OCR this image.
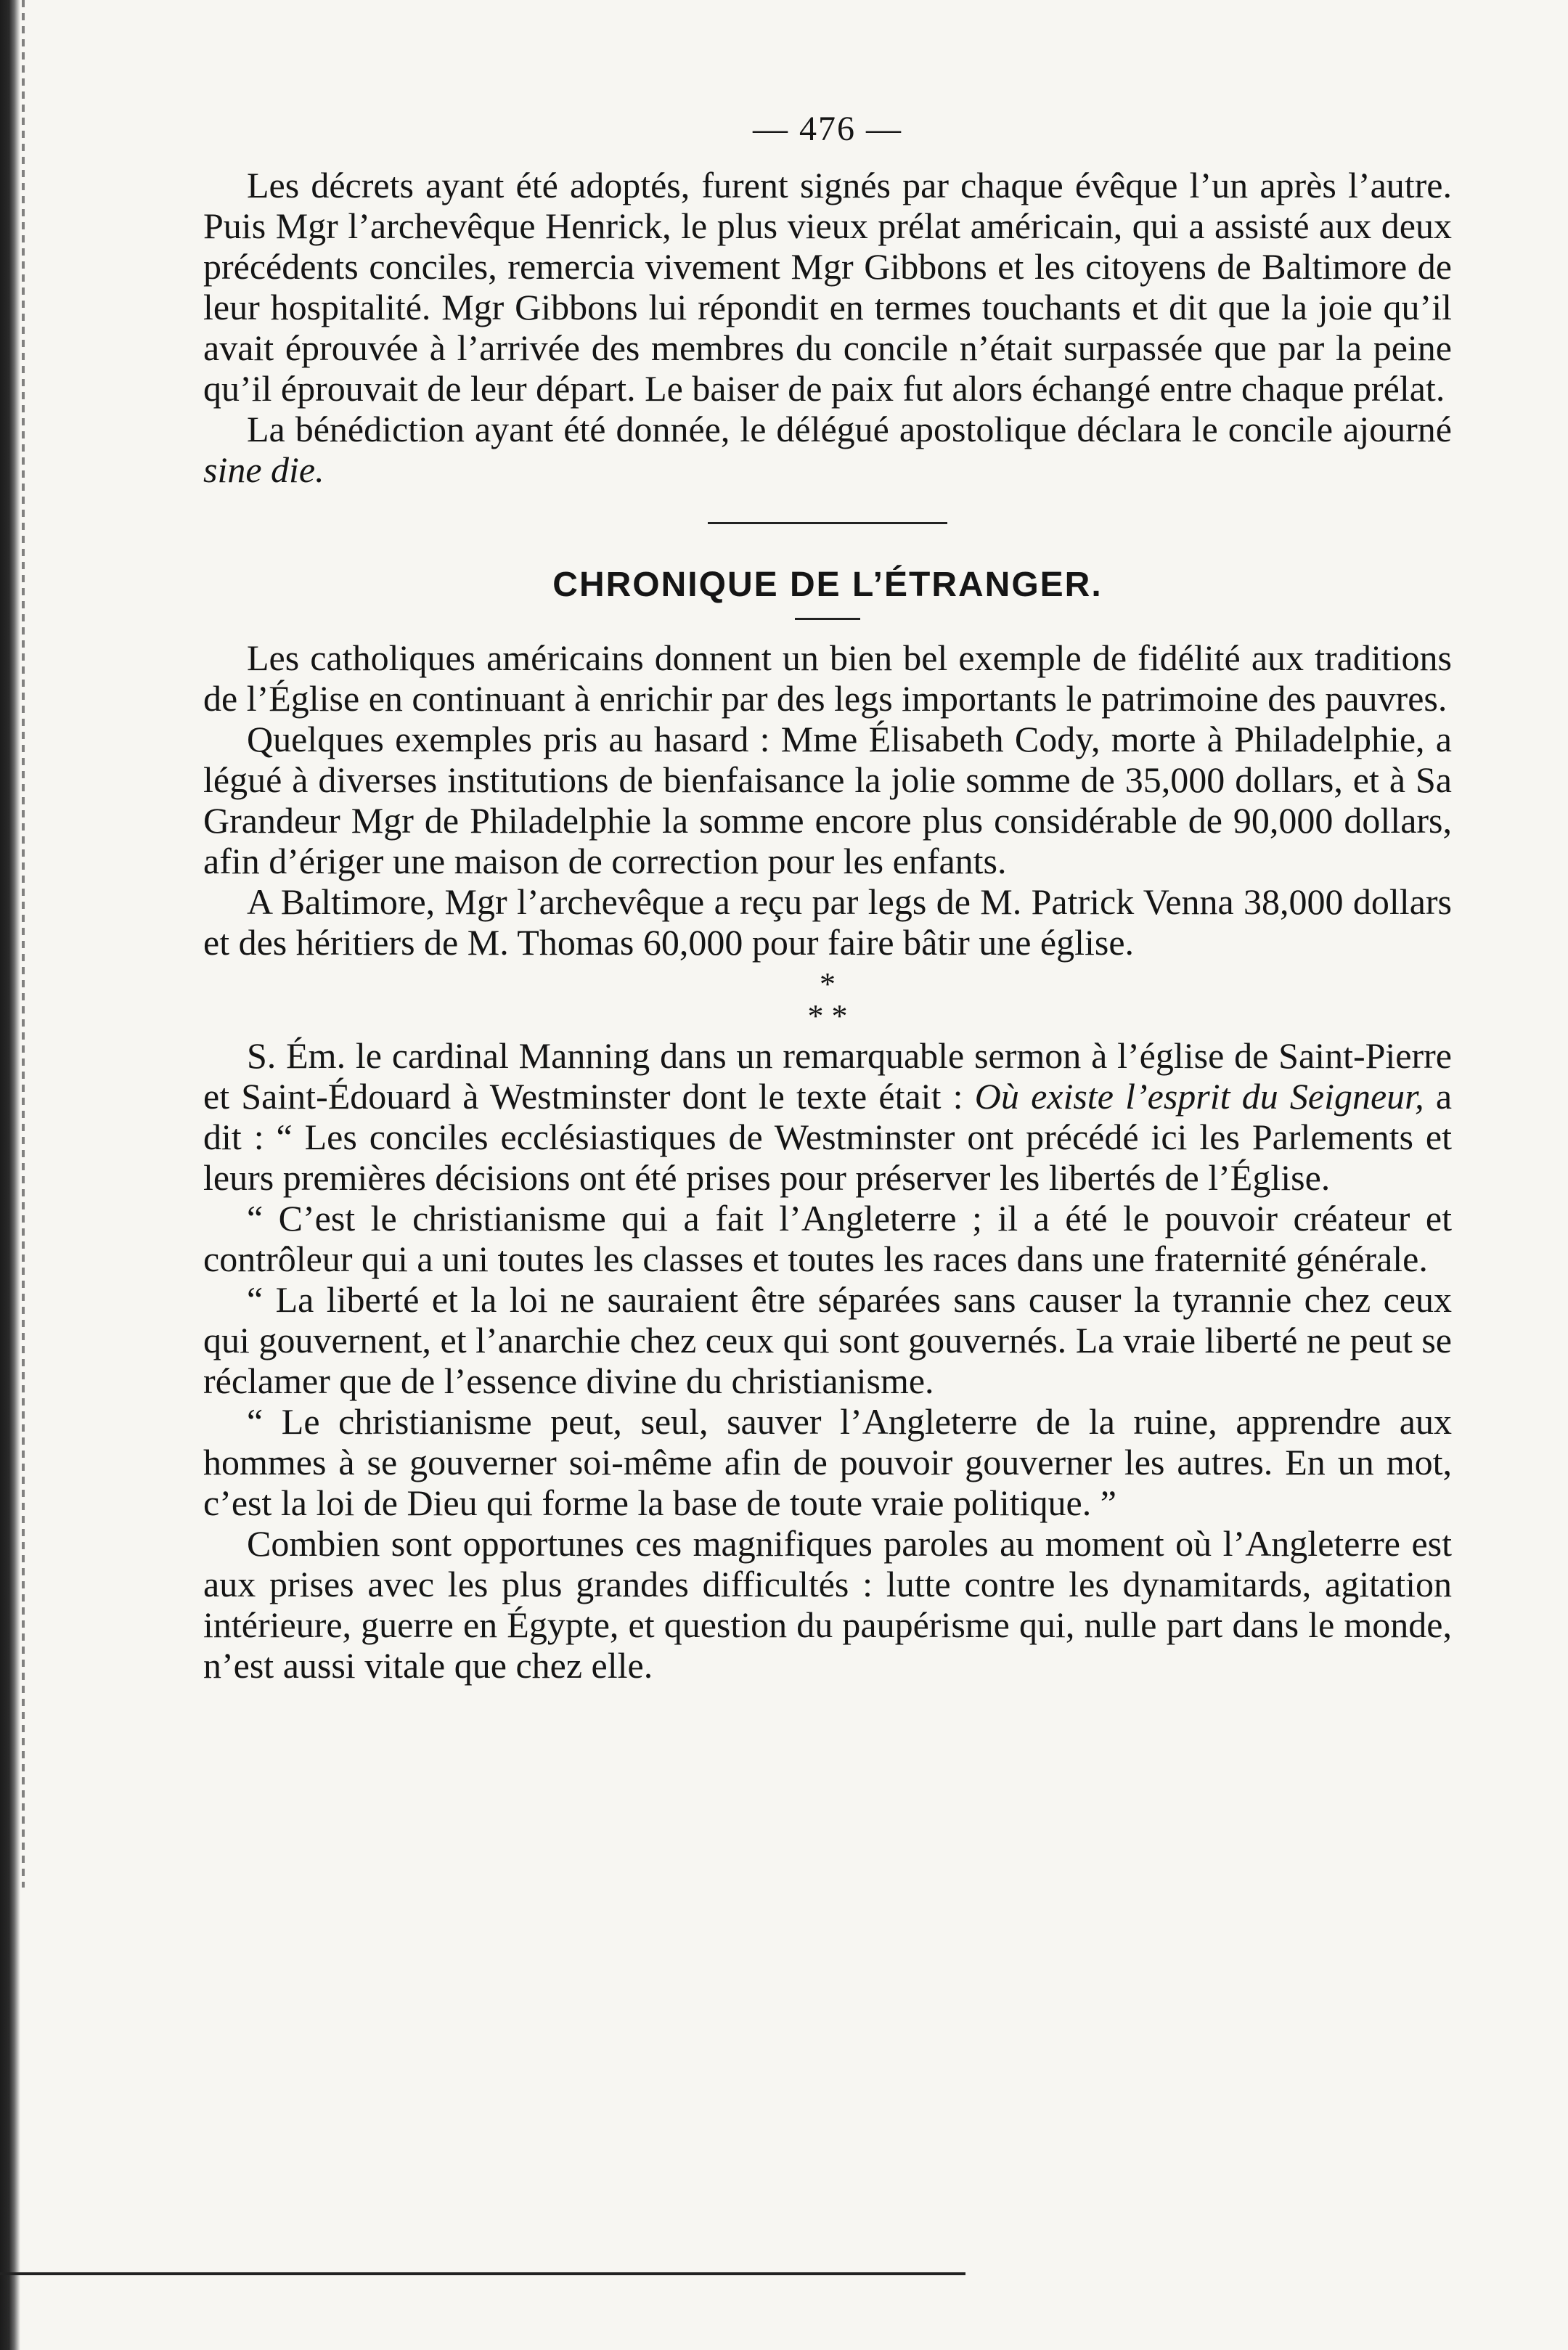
— 476 —

Les décrets ayant été adoptés, furent signés par chaque évêque l’un après l’autre. Puis Mgr l’archevêque Henrick, le plus vieux prélat américain, qui a assisté aux deux précédents conciles, remercia vivement Mgr Gibbons et les citoyens de Baltimore de leur hospitalité. Mgr Gibbons lui répondit en termes touchants et dit que la joie qu’il avait éprouvée à l’arrivée des membres du concile n’était surpassée que par la peine qu’il éprouvait de leur départ. Le baiser de paix fut alors échangé entre chaque prélat.

La bénédiction ayant été donnée, le délégué apostolique déclara le concile ajourné sine die.

CHRONIQUE DE L’ÉTRANGER.

Les catholiques américains donnent un bien bel exemple de fidélité aux traditions de l’Église en continuant à enrichir par des legs importants le patrimoine des pauvres.

Quelques exemples pris au hasard : Mme Élisabeth Cody, morte à Philadelphie, a légué à diverses institutions de bienfaisance la jolie somme de 35,000 dollars, et à Sa Grandeur Mgr de Philadelphie la somme encore plus considérable de 90,000 dollars, afin d’ériger une maison de correction pour les enfants.

A Baltimore, Mgr l’archevêque a reçu par legs de M. Patrick Venna 38,000 dollars et des héritiers de M. Thomas 60,000 pour faire bâtir une église.

*
* *

S. Ém. le cardinal Manning dans un remarquable sermon à l’église de Saint-Pierre et Saint-Édouard à Westminster dont le texte était : Où existe l’esprit du Seigneur, a dit : “ Les conciles ecclésiastiques de Westminster ont précédé ici les Parlements et leurs premières décisions ont été prises pour préserver les libertés de l’Église.

“ C’est le christianisme qui a fait l’Angleterre ; il a été le pouvoir créateur et contrôleur qui a uni toutes les classes et toutes les races dans une fraternité générale.

“ La liberté et la loi ne sauraient être séparées sans causer la tyrannie chez ceux qui gouvernent, et l’anarchie chez ceux qui sont gouvernés. La vraie liberté ne peut se réclamer que de l’essence divine du christianisme.

“ Le christianisme peut, seul, sauver l’Angleterre de la ruine, apprendre aux hommes à se gouverner soi-même afin de pouvoir gouverner les autres. En un mot, c’est la loi de Dieu qui forme la base de toute vraie politique. ”

Combien sont opportunes ces magnifiques paroles au moment où l’Angleterre est aux prises avec les plus grandes difficultés : lutte contre les dynamitards, agitation intérieure, guerre en Égypte, et question du paupérisme qui, nulle part dans le monde, n’est aussi vitale que chez elle.
